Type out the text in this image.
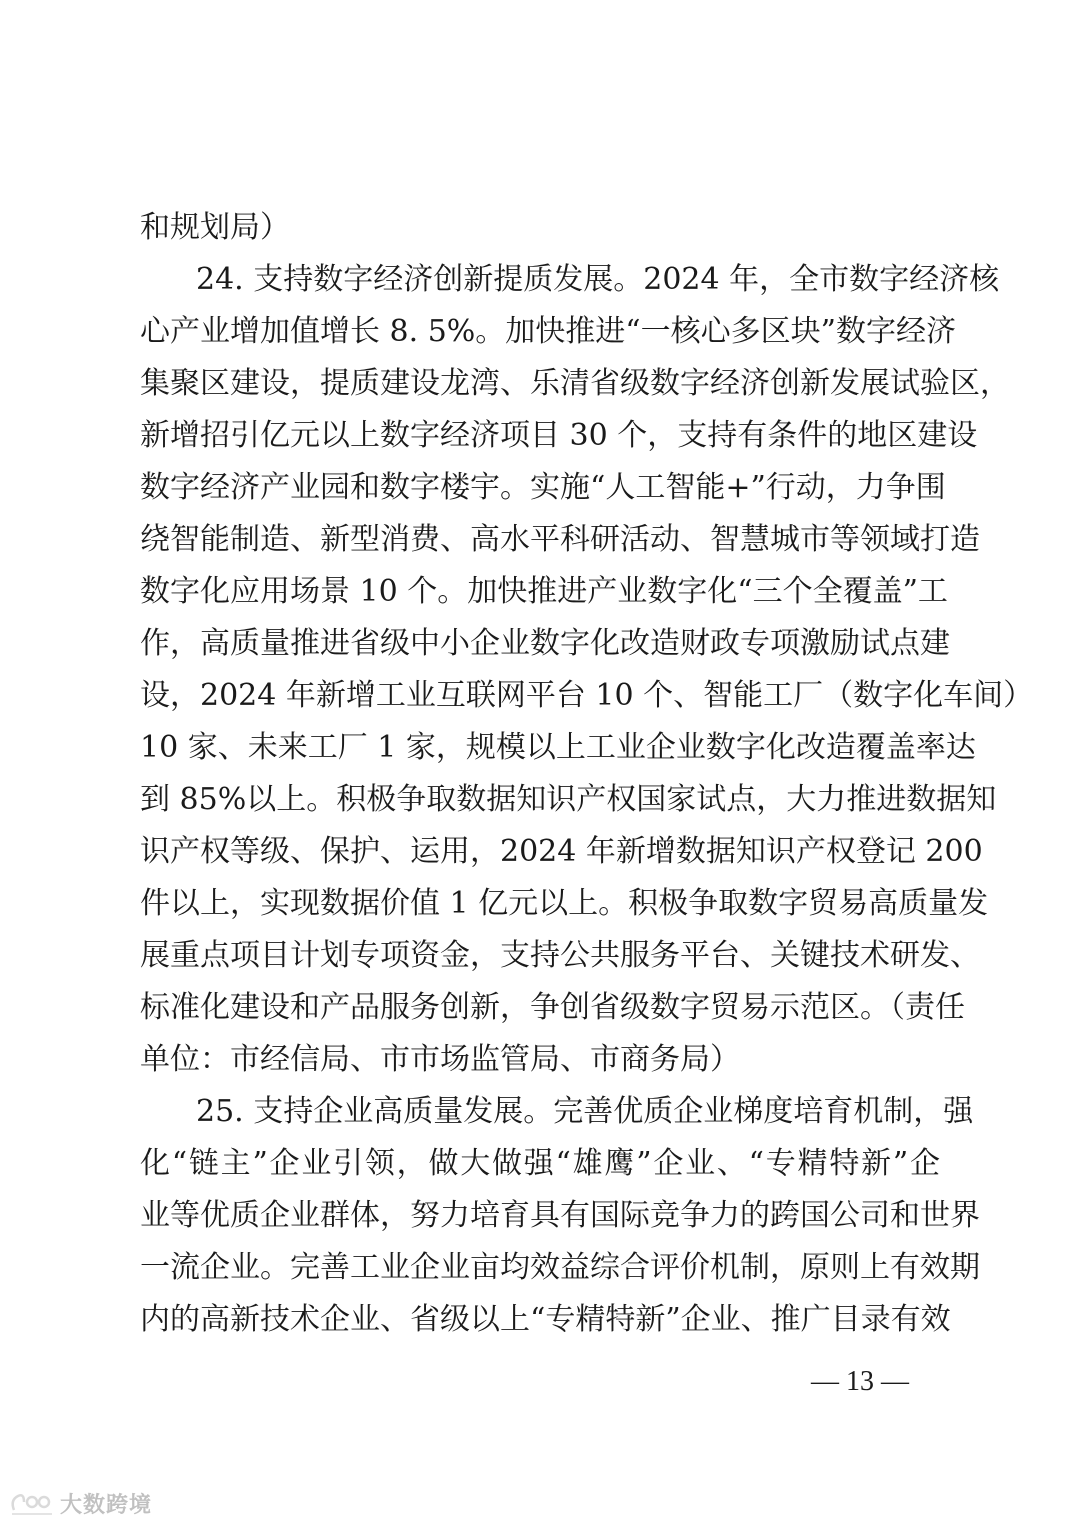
和规划局）
24. 支持数字经济创新提质发展。2024 年，全市数字经济核
心产业增加值增长 8. 5%。加快推进“一核心多区块”数字经济
集聚区建设，提质建设龙湾、乐清省级数字经济创新发展试验区，
新增招引亿元以上数字经济项目 30 个，支持有条件的地区建设
数字经济产业园和数字楼宇。实施“人工智能+”行动，力争围
绕智能制造、新型消费、高水平科研活动、智慧城市等领域打造
数字化应用场景 10 个。加快推进产业数字化“三个全覆盖”工
作，高质量推进省级中小企业数字化改造财政专项激励试点建
设，2024 年新增工业互联网平台 10 个、智能工厂（数字化车间）
10 家、未来工厂 1 家，规模以上工业企业数字化改造覆盖率达
到 85%以上。积极争取数据知识产权国家试点，大力推进数据知
识产权等级、保护、运用，2024 年新增数据知识产权登记 200
件以上，实现数据价值 1 亿元以上。积极争取数字贸易高质量发
展重点项目计划专项资金，支持公共服务平台、关键技术研发、
标准化建设和产品服务创新，争创省级数字贸易示范区。（责任
单位：市经信局、市市场监管局、市商务局）
25. 支持企业高质量发展。完善优质企业梯度培育机制，强
化“链主”企业引领，做大做强“雄鹰”企业、“专精特新”企
业等优质企业群体，努力培育具有国际竞争力的跨国公司和世界
一流企业。完善工业企业亩均效益综合评价机制，原则上有效期
内的高新技术企业、省级以上“专精特新”企业、推广目录有效
— 13 —
大数跨境
